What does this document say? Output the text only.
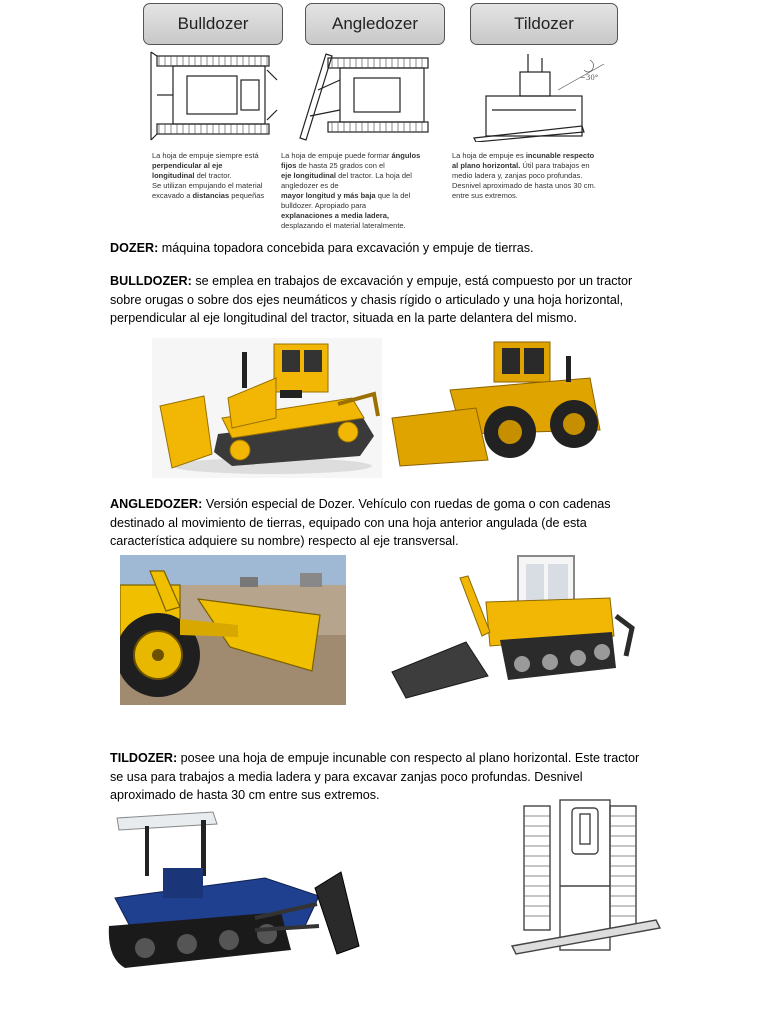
Bulldozer	Angledozer	Tildozer
~30°

La hoja de empuje siempre está perpendicular al eje

longitudinal del tractor.

Se utilizan empujando el material excavado a distancias pequeñas

La hoja de empuje puede formar ángulos fijos de hasta 25 grados con el

eje longitudinal del tractor. La hoja del angledozer es de

mayor longitud y más baja que la del bulldozer. Apropiado para

explanaciones a media ladera, desplazando el material lateralmente.

La hoja de empuje es incunable respecto al plano horizontal. Útil para trabajos en medio ladera y, zanjas poco profundas.

Desnivel aproximado de hasta unos 30 cm. entre sus extremos.

DOZER: máquina topadora concebida para excavación y empuje de tierras.
BULLDOZER: se emplea en trabajos de excavación y empuje, está compuesto por un tractor sobre orugas o sobre dos ejes neumáticos y chasis rígido o articulado y una hoja horizontal, perpendicular al eje longitudinal del tractor, situada en la parte delantera del mismo.
ANGLEDOZER: Versión especial de Dozer. Vehículo con ruedas de goma o con cadenas destinado al movimiento de tierras, equipado con una hoja anterior angulada (de esta característica adquiere su nombre) respecto al eje transversal.
TILDOZER: posee una hoja de empuje incunable con respecto al plano horizontal. Este tractor se usa para trabajos a media ladera y para excavar zanjas poco profundas. Desnivel aproximado de hasta 30 cm entre sus extremos.
